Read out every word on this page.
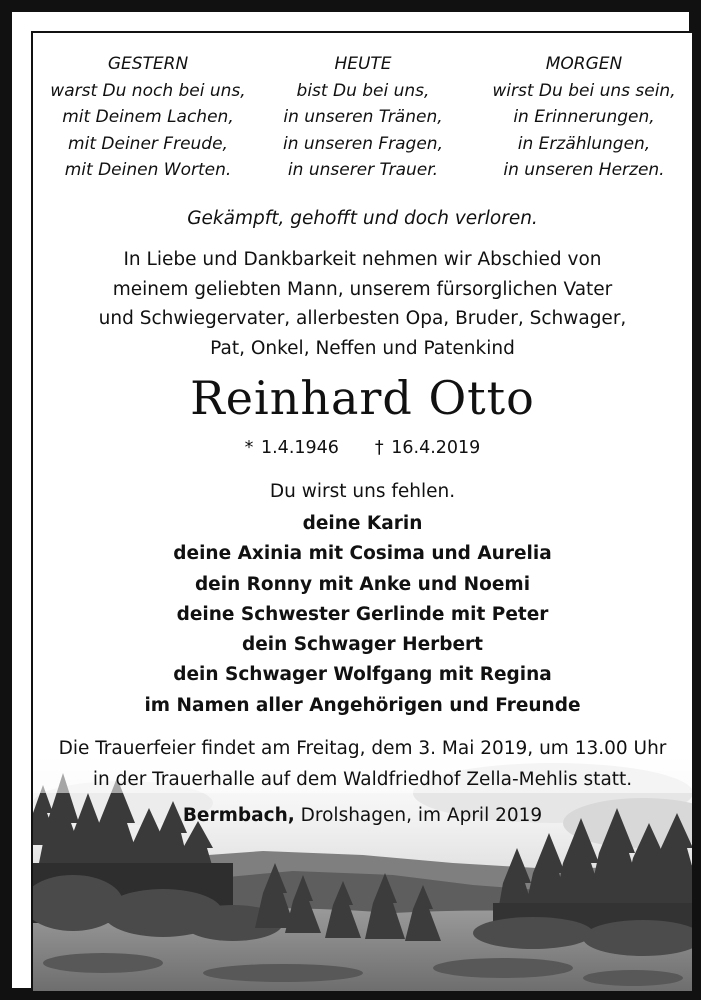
GESTERN
warst Du noch bei uns,
mit Deinem Lachen,
mit Deiner Freude,
mit Deinen Worten.
HEUTE
bist Du bei uns,
in unseren Tränen,
in unseren Fragen,
in unserer Trauer.
MORGEN
wirst Du bei uns sein,
in Erinnerungen,
in Erzählungen,
in unseren Herzen.
Gekämpft, gehofft und doch verloren.
In Liebe und Dankbarkeit nehmen wir Abschied von
meinem geliebten Mann, unserem fürsorglichen Vater
und Schwiegervater, allerbesten Opa, Bruder, Schwager,
Pat, Onkel, Neffen und Patenkind
Reinhard Otto
* 1.4.1946 † 16.4.2019
Du wirst uns fehlen.
deine Karin
deine Axinia mit Cosima und Aurelia
dein Ronny mit Anke und Noemi
deine Schwester Gerlinde mit Peter
dein Schwager Herbert
dein Schwager Wolfgang mit Regina
im Namen aller Angehörigen und Freunde
Die Trauerfeier findet am Freitag, dem 3. Mai 2019, um 13.00 Uhr
in der Trauerhalle auf dem Waldfriedhof Zella-Mehlis statt.
Bermbach, Drolshagen, im April 2019
